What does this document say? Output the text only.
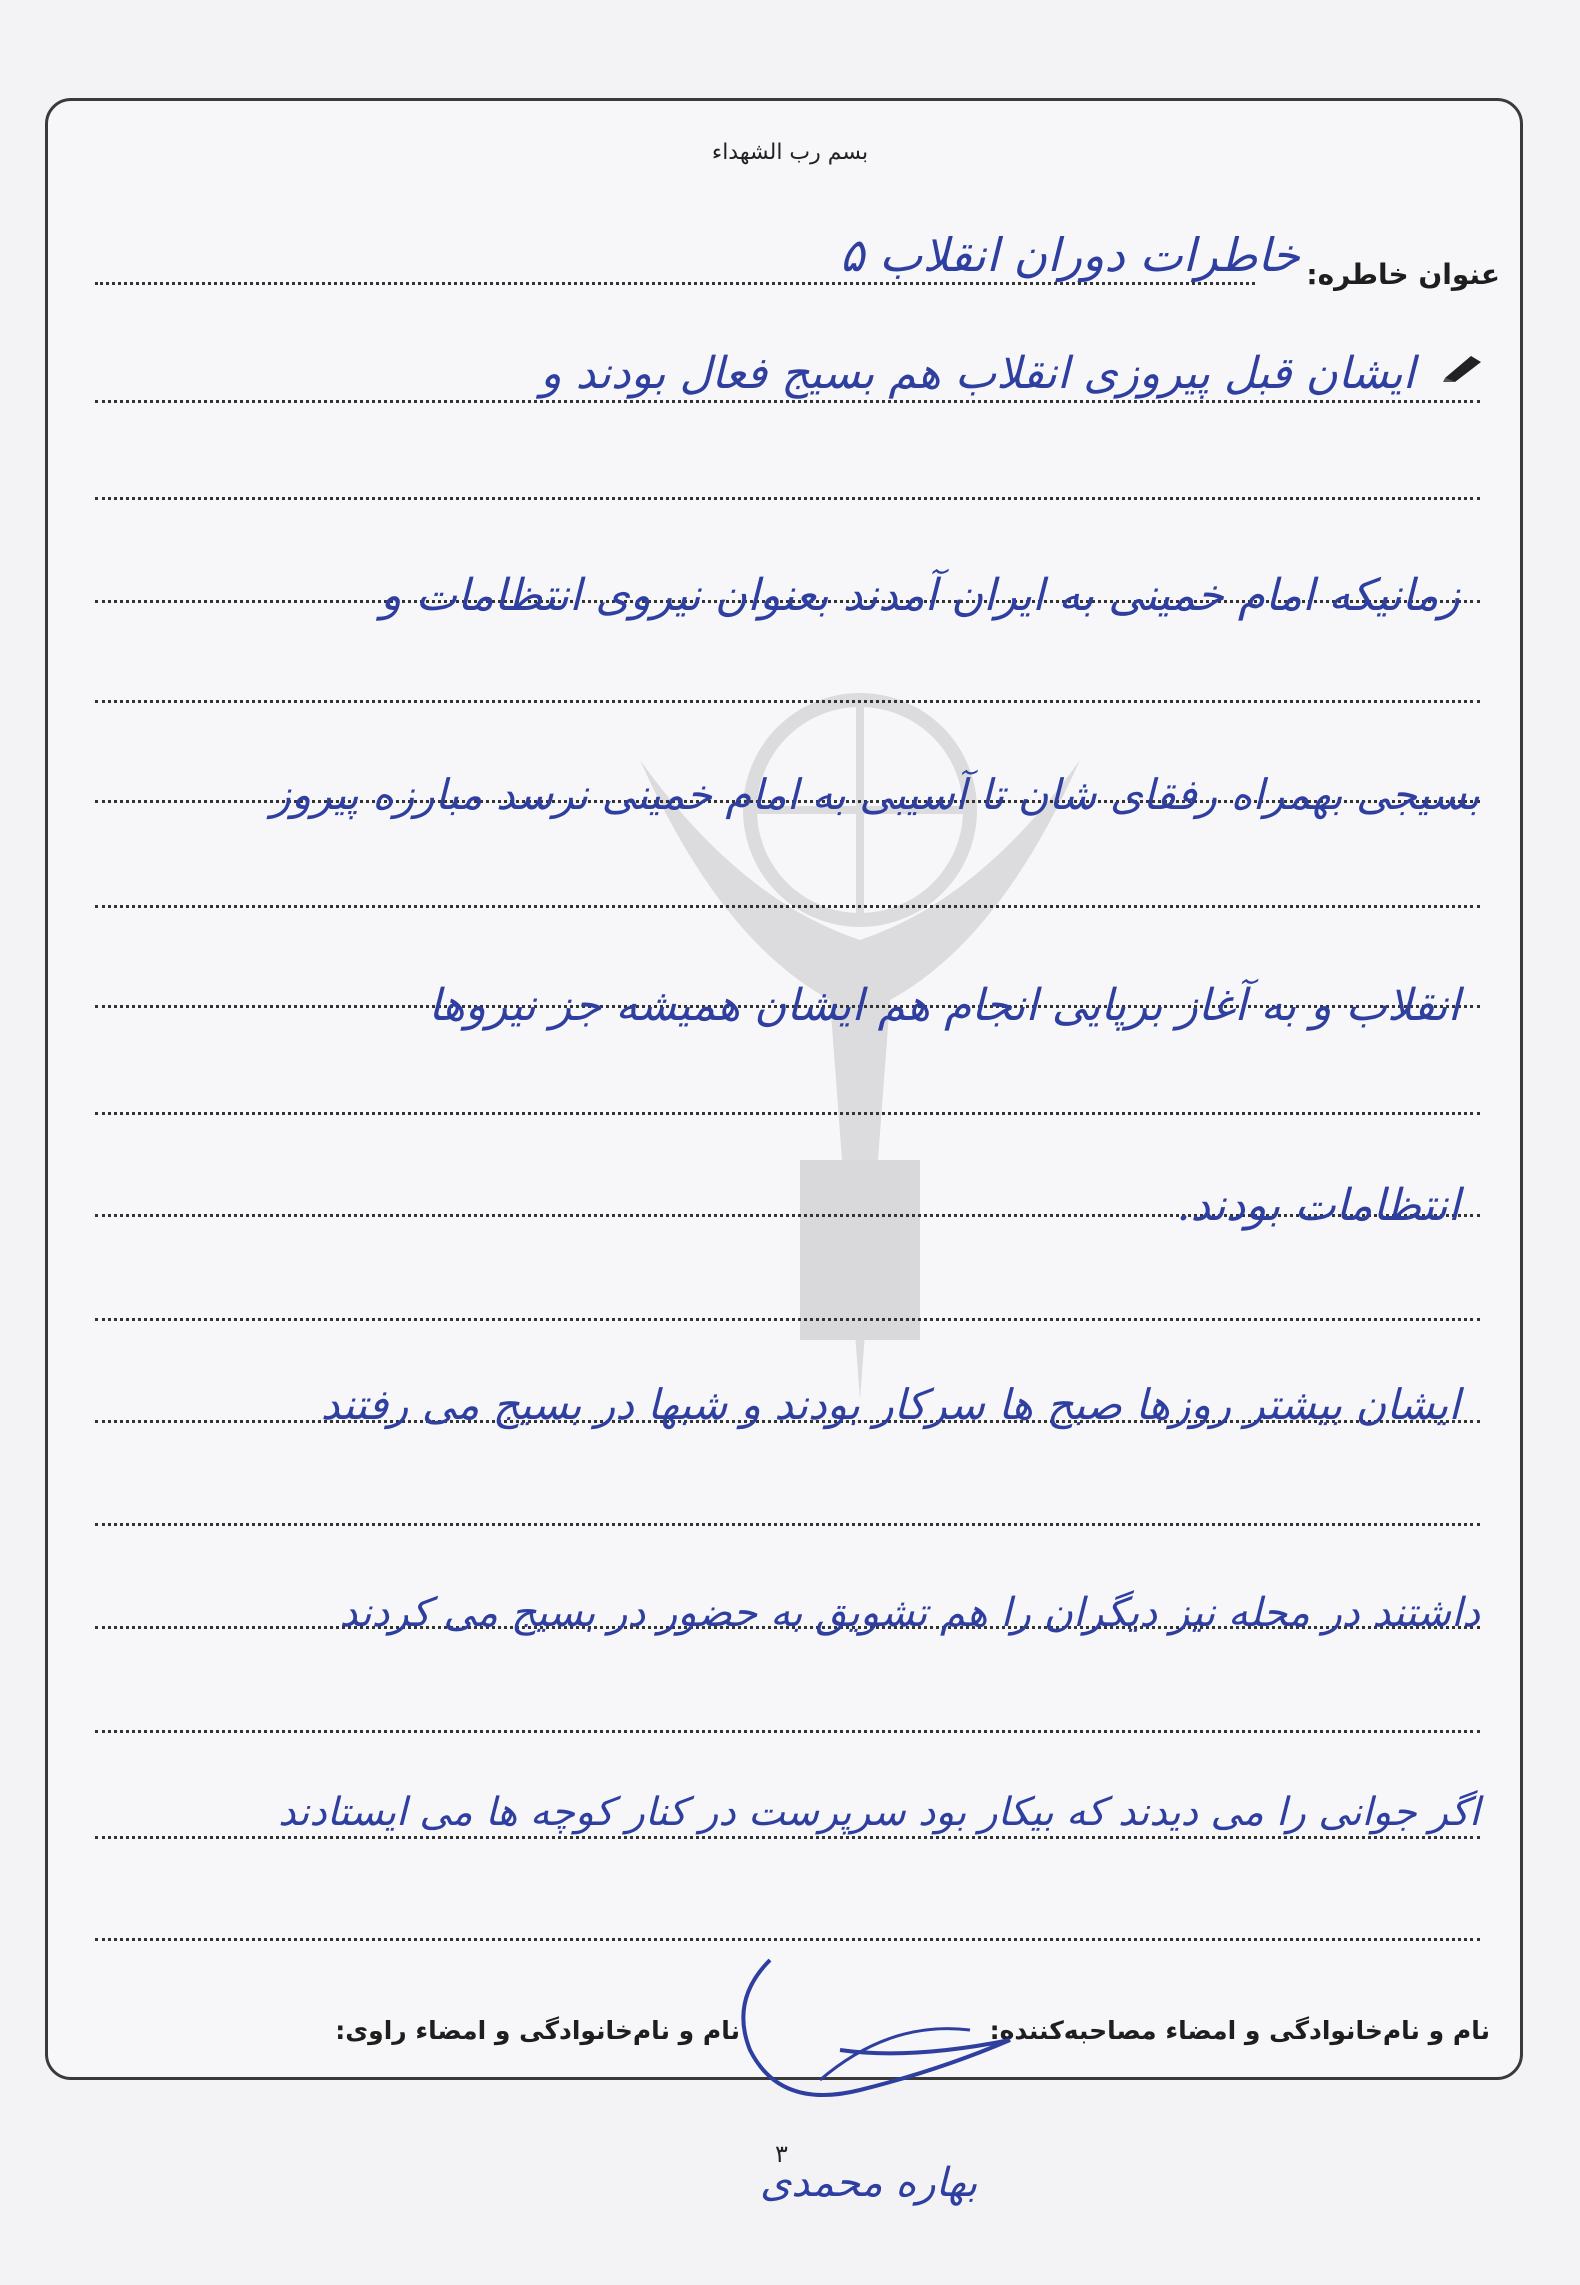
بسم رب الشهداء
عنوان خاطره:
خاطرات دوران انقلاب ۵
ایشان قبل پیروزی انقلاب هم بسیج فعال بودند و
زمانیکه امام خمینی به ایران آمدند بعنوان نیروی انتظامات و
بسیجی بهمراه رفقای شان تا آسیبی به امام خمینی نرسد مبارزه پیروز
انقلاب و به آغاز برپایی انجام هم ایشان همیشه جز نیروها
انتظامات بودند.
ایشان بیشتر روزها صبح ها سرکار بودند و شبها در بسیج می رفتند
داشتند در محله نیز دیگران را هم تشویق به حضور در بسیج می کردند
اگر جوانی را می دیدند که بیکار بود سرپرست در کنار کوچه ها می ایستادند
نام و نام‌خانوادگی و امضاء مصاحبه‌کننده:
نام و نام‌خانوادگی و امضاء راوی:
۳
بهاره محمدی
